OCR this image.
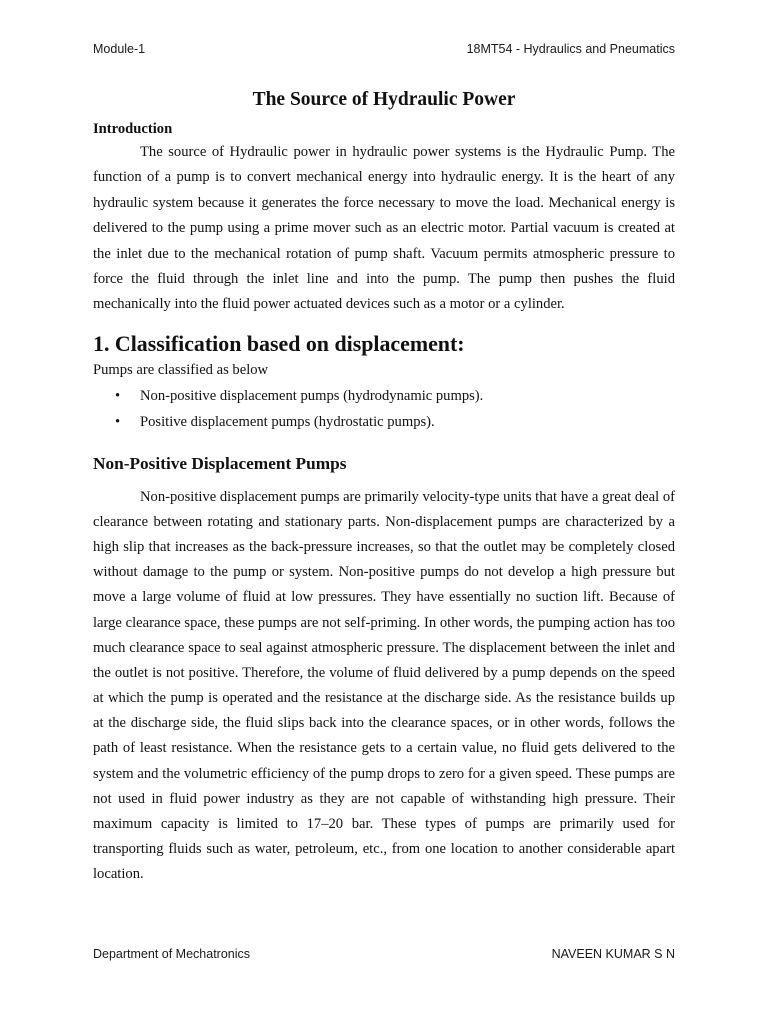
Module-1	18MT54 - Hydraulics and Pneumatics
The Source of Hydraulic Power
Introduction

The source of Hydraulic power in hydraulic power systems is the Hydraulic Pump. The function of a pump is to convert mechanical energy into hydraulic energy. It is the heart of any hydraulic system because it generates the force necessary to move the load. Mechanical energy is delivered to the pump using a prime mover such as an electric motor. Partial vacuum is created at the inlet due to the mechanical rotation of pump shaft. Vacuum permits atmospheric pressure to force the fluid through the inlet line and into the pump. The pump then pushes the fluid mechanically into the fluid power actuated devices such as a motor or a cylinder.

1. Classification based on displacement:

Pumps are classified as below

• Non-positive displacement pumps (hydrodynamic pumps).
• Positive displacement pumps (hydrostatic pumps).
Non-Positive Displacement Pumps

Non-positive displacement pumps are primarily velocity-type units that have a great deal of clearance between rotating and stationary parts. Non-displacement pumps are characterized by a high slip that increases as the back-pressure increases, so that the outlet may be completely closed without damage to the pump or system. Non-positive pumps do not develop a high pressure but move a large volume of fluid at low pressures. They have essentially no suction lift. Because of large clearance space, these pumps are not self-priming. In other words, the pumping action has too much clearance space to seal against atmospheric pressure. The displacement between the inlet and the outlet is not positive. Therefore, the volume of fluid delivered by a pump depends on the speed at which the pump is operated and the resistance at the discharge side. As the resistance builds up at the discharge side, the fluid slips back into the clearance spaces, or in other words, follows the path of least resistance. When the resistance gets to a certain value, no fluid gets delivered to the system and the volumetric efficiency of the pump drops to zero for a given speed. These pumps are not used in fluid power industry as they are not capable of withstanding high pressure. Their maximum capacity is limited to 17–20 bar. These types of pumps are primarily used for transporting fluids such as water, petroleum, etc., from one location to another considerable apart location.

Department of Mechatronics	NAVEEN KUMAR S N
